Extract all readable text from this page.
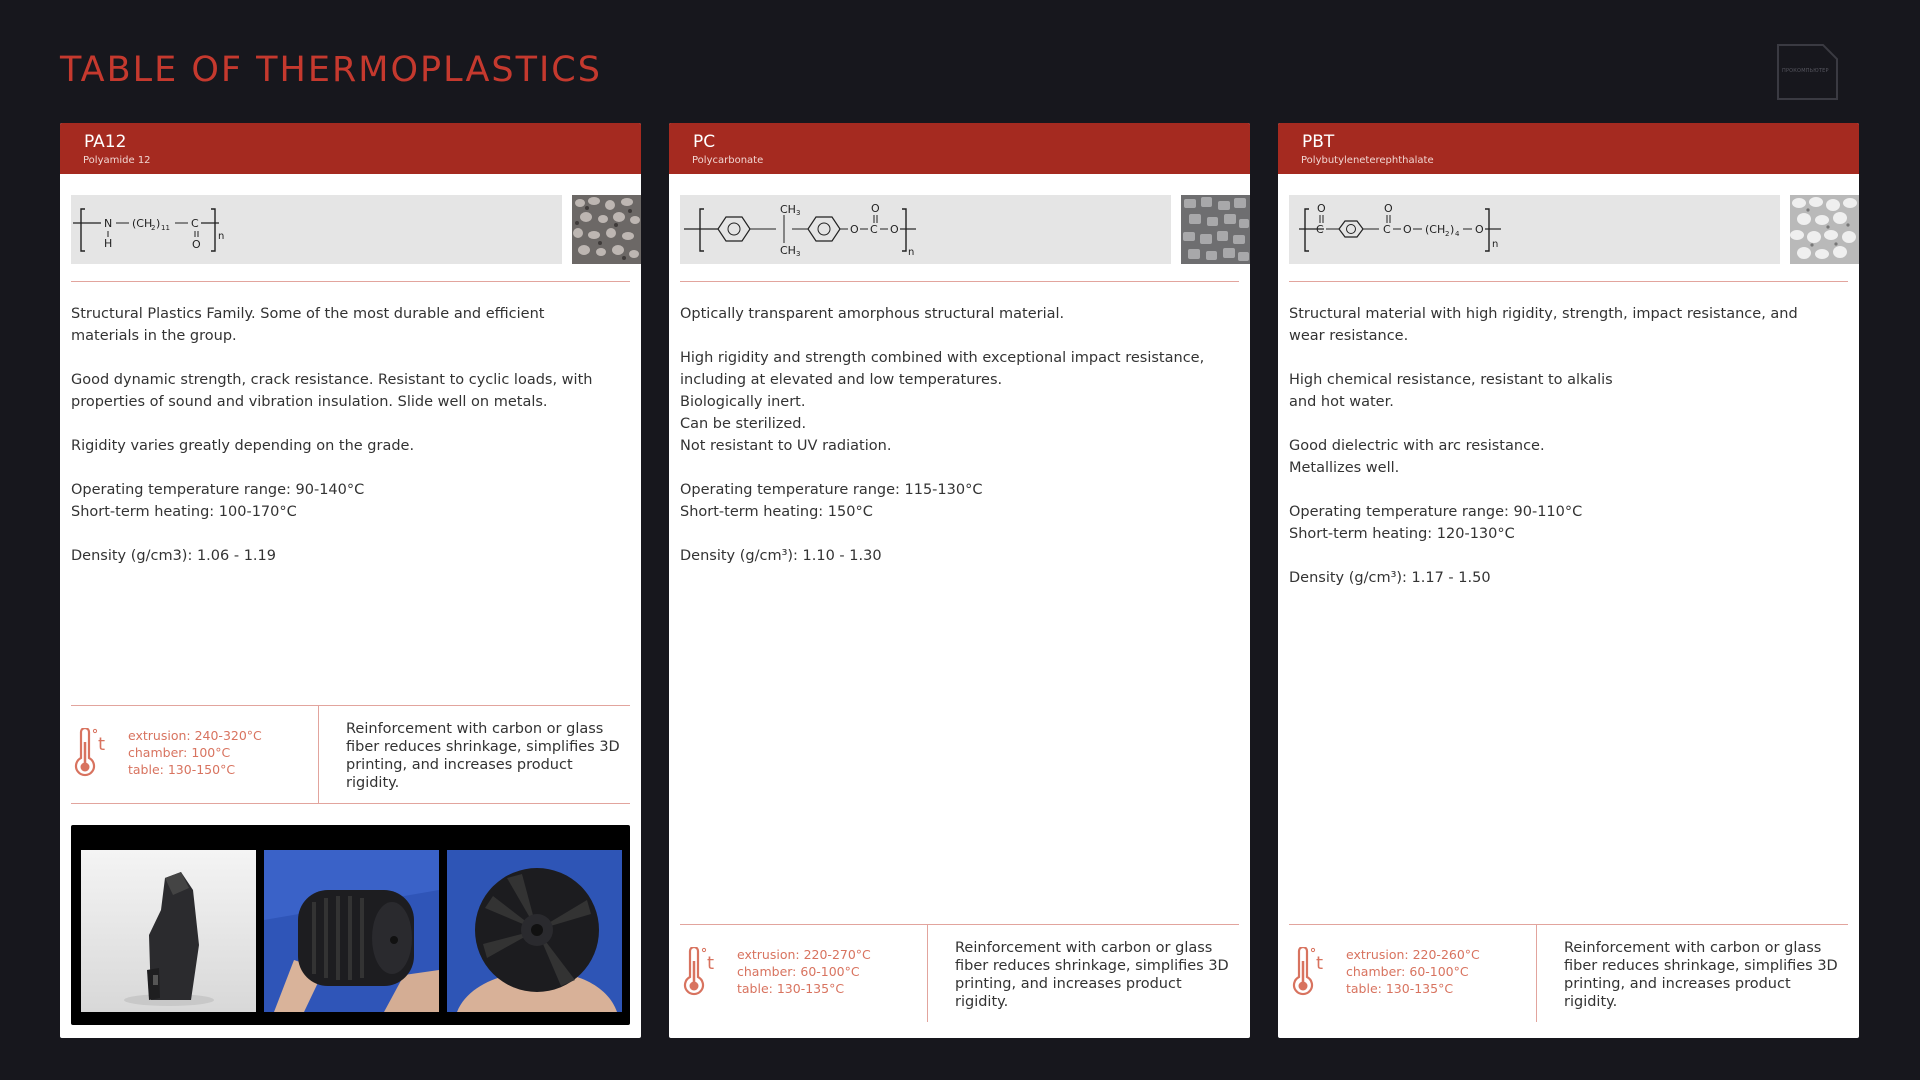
TABLE OF THERMOPLASTICS	ПРОКОМПЬЮТЕР
PA12
Polyamide 12
N
H
(CH
2 ) 11 C
O
n
Structural Plastics Family. Some of the most durable and efficient
materials in the group.

Good dynamic strength, crack resistance. Resistant to cyclic loads, with
properties of sound and vibration insulation. Slide well on metals.

Rigidity varies greatly depending on the grade.

Operating temperature range: 90-140°C
Short-term heating: 100-170°C

Density (g/cm3): 1.06 - 1.19
t extrusion: 240-320°C
chamber: 100°C
table: 130-150°C
Reinforcement with carbon or glass fiber reduces shrinkage, simplifies 3D printing, and increases product rigidity.
PC
Polycarbonate
CH 3
CH 3
O C
O
O
n
Optically transparent amorphous structural material.

High rigidity and strength combined with exceptional impact resistance,
including at elevated and low temperatures.
Biologically inert.
Can be sterilized.
Not resistant to UV radiation.

Operating temperature range: 115-130°C
Short-term heating: 150°C

Density (g/cm³): 1.10 - 1.30
t extrusion: 220-270°C
chamber: 60-100°C
table: 130-135°C
Reinforcement with carbon or glass fiber reduces shrinkage, simplifies 3D printing, and increases product rigidity.
PBT
Polybutyleneterephthalate
C
O
C
O
O (CH 2 ) 4 O
n
Structural material with high rigidity, strength, impact resistance, and
wear resistance.

High chemical resistance, resistant to alkalis
and hot water.

Good dielectric with arc resistance.
Metallizes well.

Operating temperature range: 90-110°C
Short-term heating: 120-130°C

Density (g/cm³): 1.17 - 1.50
t extrusion: 220-260°C
chamber: 60-100°C
table: 130-135°C
Reinforcement with carbon or glass fiber reduces shrinkage, simplifies 3D printing, and increases product rigidity.
